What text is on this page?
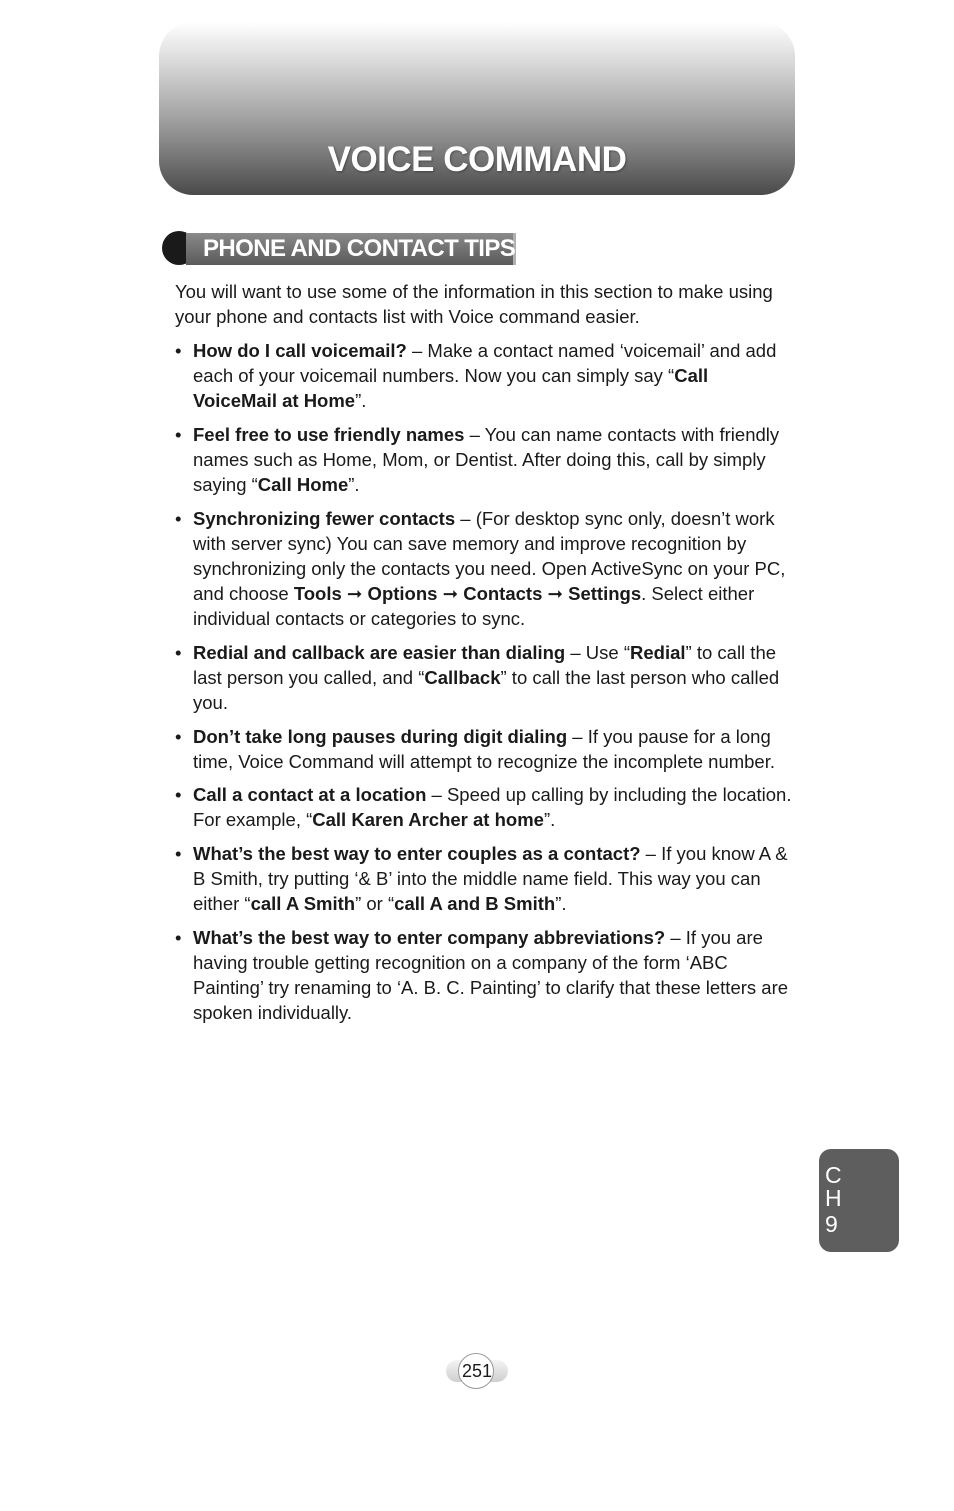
VOICE COMMAND
PHONE AND CONTACT TIPS

You will want to use some of the information in this section to make using your phone and contacts list with Voice command easier.

• How do I call voicemail? – Make a contact named ‘voicemail’ and add each of your voicemail numbers. Now you can simply say “Call VoiceMail at Home”.
• Feel free to use friendly names – You can name contacts with friendly names such as Home, Mom, or Dentist. After doing this, call by simply saying “Call Home”.
• Synchronizing fewer contacts – (For desktop sync only, doesn’t work with server sync) You can save memory and improve recognition by synchronizing only the contacts you need. Open ActiveSync on your PC, and choose Tools ➞ Options ➞ Contacts ➞ Settings. Select either individual contacts or categories to sync.
• Redial and callback are easier than dialing – Use “Redial” to call the last person you called, and “Callback” to call the last person who called you.
• Don’t take long pauses during digit dialing – If you pause for a long time, Voice Command will attempt to recognize the incomplete number.
• Call a contact at a location – Speed up calling by including the location. For example, “Call Karen Archer at home”.
• What’s the best way to enter couples as a contact? – If you know A & B Smith, try putting ‘& B’ into the middle name field. This way you can either “call A Smith” or “call A and B Smith”.
• What’s the best way to enter company abbreviations? – If you are having trouble getting recognition on a company of the form ‘ABC Painting’ try renaming to ‘A. B. C. Painting’ to clarify that these letters are spoken individually.
C
H
9
251
